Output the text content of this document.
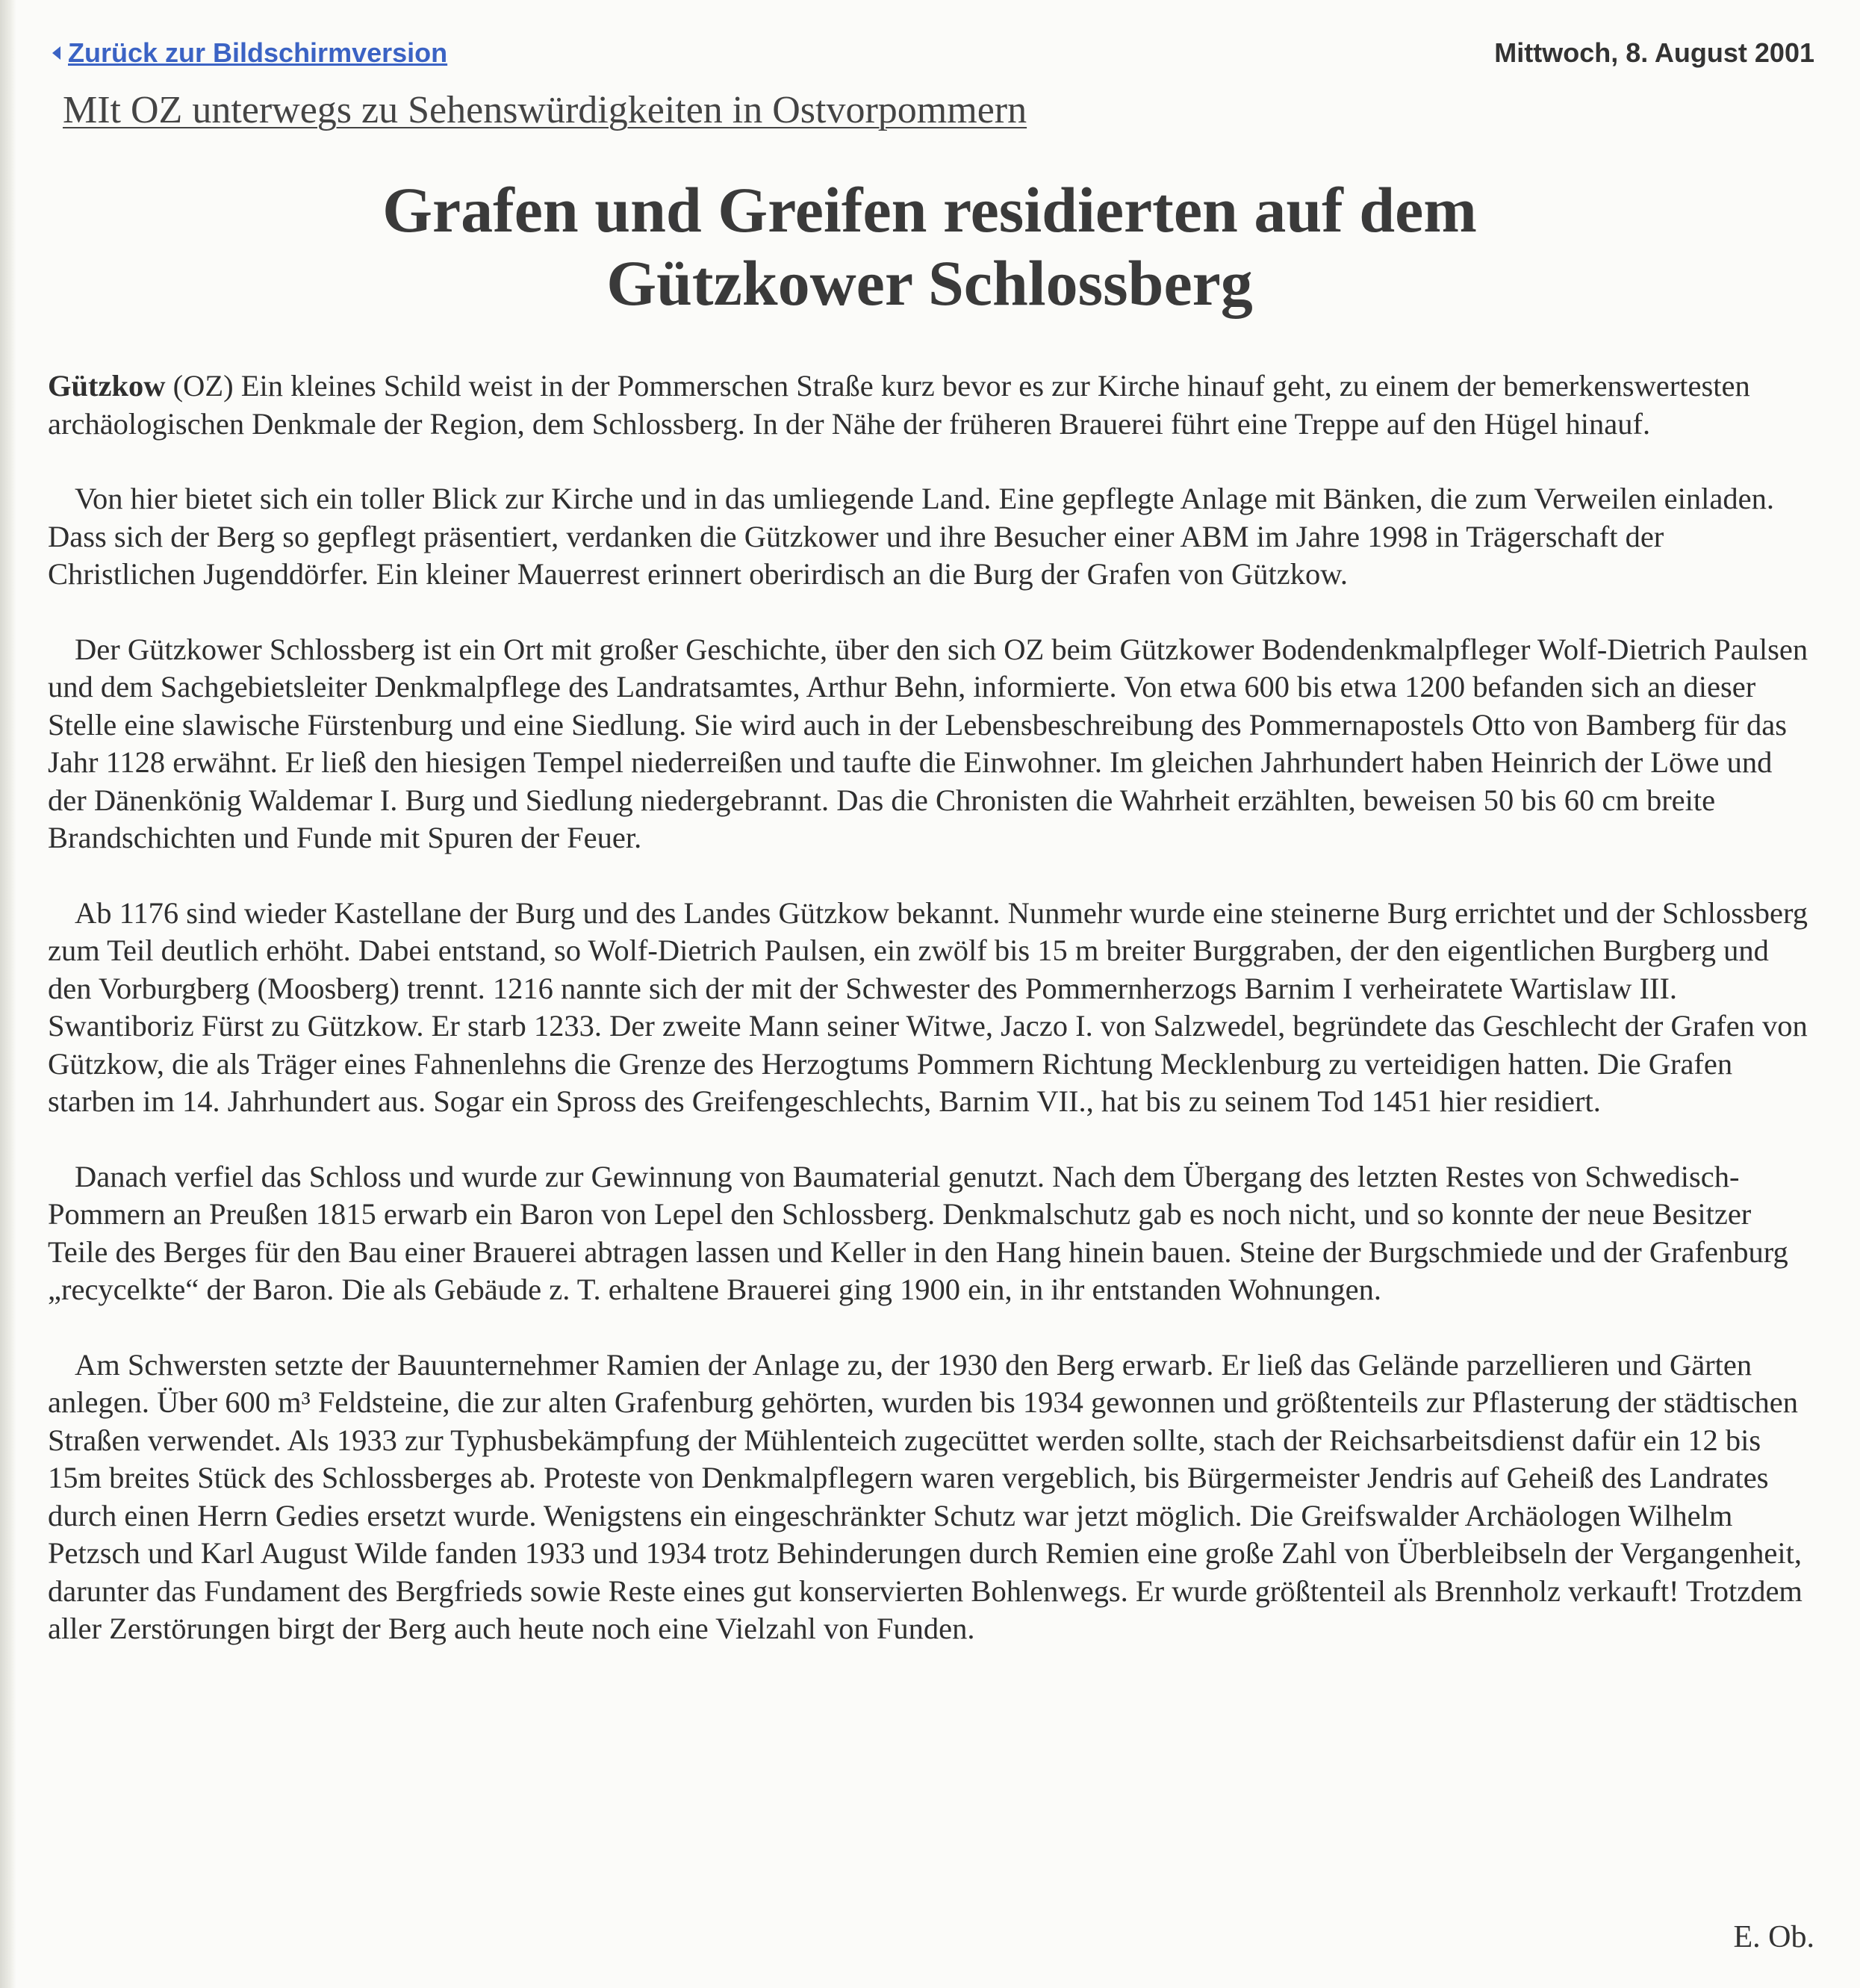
Zurück zur Bildschirmversion	Mittwoch, 8. August 2001
MIt OZ unterwegs zu Sehenswürdigkeiten in Ostvorpommern
Grafen und Greifen residierten auf dem
Gützkower Schlossberg

Gützkow (OZ) Ein kleines Schild weist in der Pommerschen Straße kurz bevor es zur Kirche hinauf geht, zu einem der bemerkenswertesten archäologischen Denkmale der Region, dem Schlossberg. In der Nähe der früheren Brauerei führt eine Treppe auf den Hügel hinauf.

Von hier bietet sich ein toller Blick zur Kirche und in das umliegende Land. Eine gepflegte Anlage mit Bänken, die zum Verweilen einladen. Dass sich der Berg so gepflegt präsentiert, verdanken die Gützkower und ihre Besucher einer ABM im Jahre 1998 in Trägerschaft der Christlichen Jugenddörfer. Ein kleiner Mauerrest erinnert oberirdisch an die Burg der Grafen von Gützkow.

Der Gützkower Schlossberg ist ein Ort mit großer Geschichte, über den sich OZ beim Gützkower Bodendenkmalpfleger Wolf-Dietrich Paulsen und dem Sachgebietsleiter Denkmalpflege des Landratsamtes, Arthur Behn, informierte. Von etwa 600 bis etwa 1200 befanden sich an dieser Stelle eine slawische Fürstenburg und eine Siedlung. Sie wird auch in der Lebensbeschreibung des Pommernapostels Otto von Bamberg für das Jahr 1128 erwähnt. Er ließ den hiesigen Tempel niederreißen und taufte die Einwohner. Im gleichen Jahrhundert haben Heinrich der Löwe und der Dänenkönig Waldemar I. Burg und Siedlung niedergebrannt. Das die Chronisten die Wahrheit erzählten, beweisen 50 bis 60 cm breite Brandschichten und Funde mit Spuren der Feuer.

Ab 1176 sind wieder Kastellane der Burg und des Landes Gützkow bekannt. Nunmehr wurde eine steinerne Burg errichtet und der Schlossberg zum Teil deutlich erhöht. Dabei entstand, so Wolf-Dietrich Paulsen, ein zwölf bis 15 m breiter Burggraben, der den eigentlichen Burgberg und den Vorburgberg (Moosberg) trennt. 1216 nannte sich der mit der Schwester des Pommernherzogs Barnim I verheiratete Wartislaw III. Swantiboriz Fürst zu Gützkow. Er starb 1233. Der zweite Mann seiner Witwe, Jaczo I. von Salzwedel, begründete das Geschlecht der Grafen von Gützkow, die als Träger eines Fahnenlehns die Grenze des Herzogtums Pommern Richtung Mecklenburg zu verteidigen hatten. Die Grafen starben im 14. Jahrhundert aus. Sogar ein Spross des Greifengeschlechts, Barnim VII., hat bis zu seinem Tod 1451 hier residiert.

Danach verfiel das Schloss und wurde zur Gewinnung von Baumaterial genutzt. Nach dem Übergang des letzten Restes von Schwedisch-Pommern an Preußen 1815 erwarb ein Baron von Lepel den Schlossberg. Denkmalschutz gab es noch nicht, und so konnte der neue Besitzer Teile des Berges für den Bau einer Brauerei abtragen lassen und Keller in den Hang hinein bauen. Steine der Burgschmiede und der Grafenburg „recycelkte“ der Baron. Die als Gebäude z. T. erhaltene Brauerei ging 1900 ein, in ihr entstanden Wohnungen.

Am Schwersten setzte der Bauunternehmer Ramien der Anlage zu, der 1930 den Berg erwarb. Er ließ das Gelände parzellieren und Gärten anlegen. Über 600 m³ Feldsteine, die zur alten Grafenburg gehörten, wurden bis 1934 gewonnen und größtenteils zur Pflasterung der städtischen Straßen verwendet. Als 1933 zur Typhusbekämpfung der Mühlenteich zugecüttet werden sollte, stach der Reichsarbeitsdienst dafür ein 12 bis 15m breites Stück des Schlossberges ab. Proteste von Denkmalpflegern waren vergeblich, bis Bürgermeister Jendris auf Geheiß des Landrates durch einen Herrn Gedies ersetzt wurde. Wenigstens ein eingeschränkter Schutz war jetzt möglich. Die Greifswalder Archäologen Wilhelm Petzsch und Karl August Wilde fanden 1933 und 1934 trotz Behinderungen durch Remien eine große Zahl von Überbleibseln der Vergangenheit, darunter das Fundament des Bergfrieds sowie Reste eines gut konservierten Bohlenwegs. Er wurde größtenteil als Brennholz verkauft! Trotzdem aller Zerstörungen birgt der Berg auch heute noch eine Vielzahl von Funden.

E. Ob.
